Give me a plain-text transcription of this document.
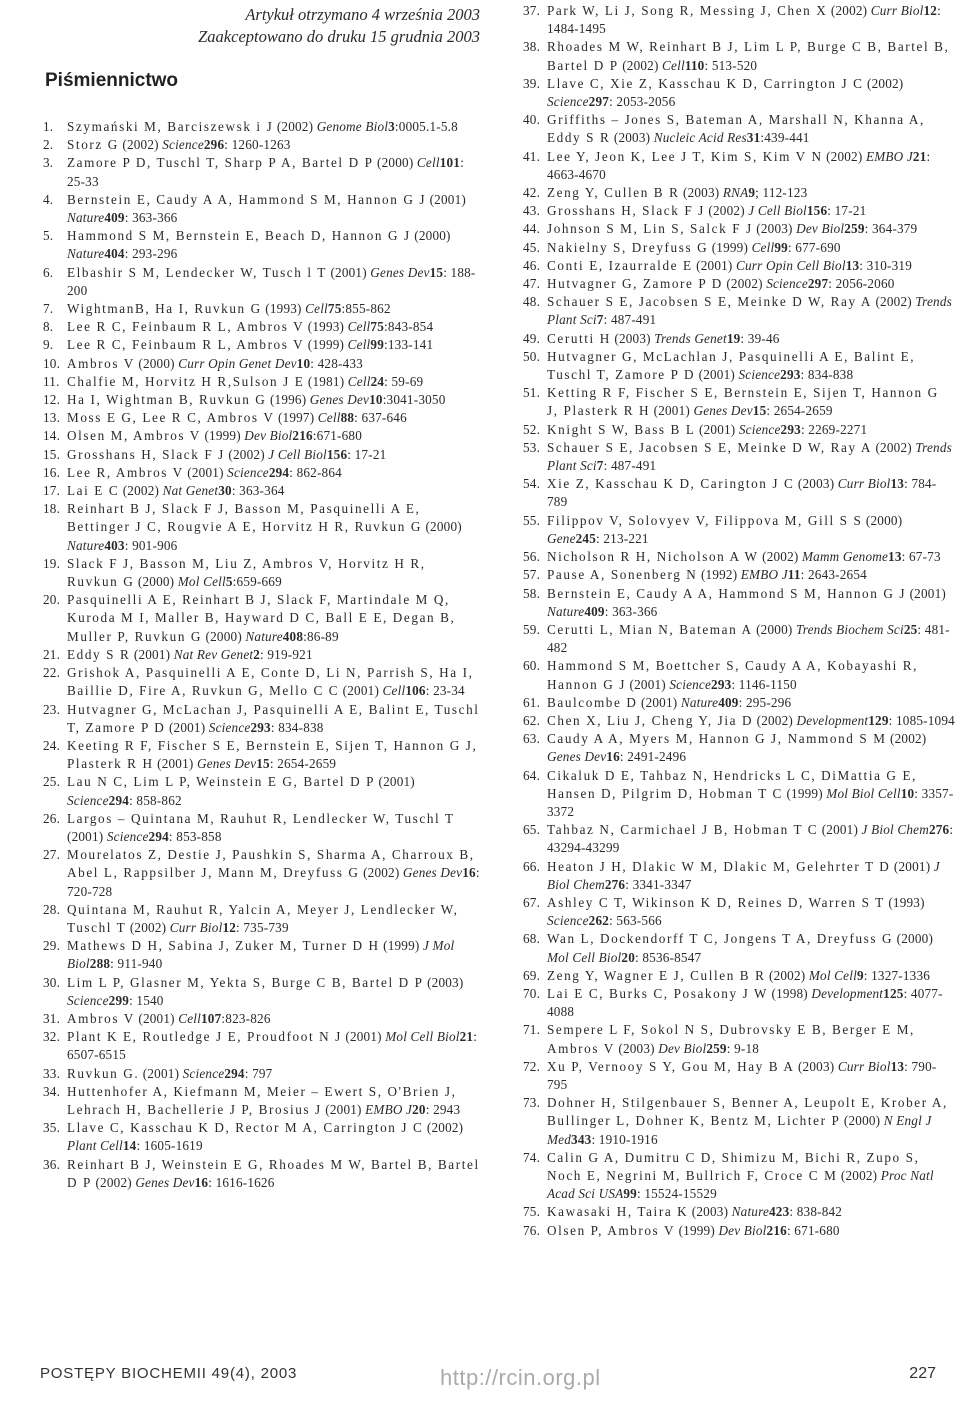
Artykuł otrzymano 4 września 2003
Zaakceptowano do druku 15 grudnia 2003
Piśmiennictwo
1. Szymański M, Barciszewsk i J (2002) Genome Biol3:0005.1-5.8
2. Storz G (2002) Science296: 1260-1263
3. Zamore P D, Tuschl T, Sharp P A, Bartel D P (2000) Cell101: 25-33
4. Bernstein E, Caudy A A, Hammond S M, Hannon G J (2001) Nature409: 363-366
5. Hammond S M, Bernstein E, Beach D, Hannon G J (2000) Nature404: 293-296
6. Elbashir S M, Lendecker W, Tusch l T (2001) Genes Dev15: 188-200
7. WightmanB, Ha I, Ruvkun G (1993) Cell75:855-862
8. Lee R C, Feinbaum R L, Ambros V (1993) Cell75:843-854
9. Lee R C, Feinbaum R L, Ambros V (1999) Cell99:133-141
10. Ambros V (2000) Curr Opin Genet Dev10: 428-433
11. Chalfie M, Horvitz H R,Sulson J E (1981) Cell24: 59-69
12. Ha I, Wightman B, Ruvkun G (1996) Genes Dev10:3041-3050
13. Moss E G, Lee R C, Ambros V (1997) Cell88: 637-646
14. Olsen M, Ambros V (1999) Dev Biol216:671-680
15. Grosshans H, Slack F J (2002) J Cell Biol156: 17-21
16. Lee R, Ambros V (2001) Science294: 862-864
17. Lai E C (2002) Nat Genet30: 363-364
18. Reinhart B J, Slack F J, Basson M, Pasquinelli A E, Bettinger J C, Rougvie A E, Horvitz H R, Ruvkun G (2000) Nature403: 901-906
19. Slack F J, Basson M, Liu Z, Ambros V, Horvitz H R, Ruvkun G (2000) Mol Cell5:659-669
20. Pasquinelli A E, Reinhart B J, Slack F, Martindale M Q, Kuroda M I, Maller B, Hayward D C, Ball E E, Degan B, Muller P, Ruvkun G (2000) Nature408:86-89
21. Eddy S R (2001) Nat Rev Genet2: 919-921
22. Grishok A, Pasquinelli A E, Conte D, Li N, Parrish S, Ha I, Baillie D, Fire A, Ruvkun G, Mello C C (2001) Cell106: 23-34
23. Hutvagner G, McLachan J, Pasquinelli A E, Balint E, Tuschl T, Zamore P D (2001) Science293: 834-838
24. Keeting R F, Fischer S E, Bernstein E, Sijen T, Hannon G J, Plasterk R H (2001) Genes Dev15: 2654-2659
25. Lau N C, Lim L P, Weinstein E G, Bartel D P (2001) Science294: 858-862
26. Largos – Quintana M, Rauhut R, Lendlecker W, Tuschl T (2001) Science294: 853-858
27. Mourelatos Z, Destie J, Paushkin S, Sharma A, Charroux B, Abel L, Rappsilber J, Mann M, Dreyfuss G (2002) Genes Dev16: 720-728
28. Quintana M, Rauhut R, Yalcin A, Meyer J, Lendlecker W, Tuschl T (2002) Curr Biol12: 735-739
29. Mathews D H, Sabina J, Zuker M, Turner D H (1999) J Mol Biol288: 911-940
30. Lim L P, Glasner M, Yekta S, Burge C B, Bartel D P (2003) Science299: 1540
31. Ambros V (2001) Cell107:823-826
32. Plant K E, Routledge J E, Proudfoot N J (2001) Mol Cell Biol21: 6507-6515
33. Ruvkun G. (2001) Science294: 797
34. Huttenhofer A, Kiefmann M, Meier – Ewert S, O'Brien J, Lehrach H, Bachellerie J P, Brosius J (2001) EMBO J20: 2943
35. Llave C, Kasschau K D, Rector M A, Carrington J C (2002) Plant Cell14: 1605-1619
36. Reinhart B J, Weinstein E G, Rhoades M W, Bartel B, Bartel D P (2002) Genes Dev16: 1616-1626
37. Park W, Li J, Song R, Messing J, Chen X (2002) Curr Biol12: 1484-1495
38. Rhoades M W, Reinhart B J, Lim L P, Burge C B, Bartel B, Bartel D P (2002) Cell110: 513-520
39. Llave C, Xie Z, Kasschau K D, Carrington J C (2002) Science297: 2053-2056
40. Griffiths – Jones S, Bateman A, Marshall N, Khanna A, Eddy S R (2003) Nucleic Acid Res31:439-441
41. Lee Y, Jeon K, Lee J T, Kim S, Kim V N (2002) EMBO J21: 4663-4670
42. Zeng Y, Cullen B R (2003) RNA9; 112-123
43. Grosshans H, Slack F J (2002) J Cell Biol156: 17-21
44. Johnson S M, Lin S, Salck F J (2003) Dev Biol259: 364-379
45. Nakielny S, Dreyfuss G (1999) Cell99: 677-690
46. Conti E, Izaurralde E (2001) Curr Opin Cell Biol13: 310-319
47. Hutvagner G, Zamore P D (2002) Science297: 2056-2060
48. Schauer S E, Jacobsen S E, Meinke D W, Ray A (2002) Trends Plant Sci7: 487-491
49. Cerutti H (2003) Trends Genet19: 39-46
50. Hutvagner G, McLachlan J, Pasquinelli A E, Balint E, Tuschl T, Zamore P D (2001) Science293: 834-838
51. Ketting R F, Fischer S E, Bernstein E, Sijen T, Hannon G J, Plasterk R H (2001) Genes Dev15: 2654-2659
52. Knight S W, Bass B L (2001) Science293: 2269-2271
53. Schauer S E, Jacobsen S E, Meinke D W, Ray A (2002) Trends Plant Sci7: 487-491
54. Xie Z, Kasschau K D, Carington J C (2003) Curr Biol13: 784-789
55. Filippov V, Solovyev V, Filippova M, Gill S S (2000) Gene245: 213-221
56. Nicholson R H, Nicholson A W (2002) Mamm Genome13: 67-73
57. Pause A, Sonenberg N (1992) EMBO J11: 2643-2654
58. Bernstein E, Caudy A A, Hammond S M, Hannon G J (2001) Nature409: 363-366
59. Cerutti L, Mian N, Bateman A (2000) Trends Biochem Sci25: 481-482
60. Hammond S M, Boettcher S, Caudy A A, Kobayashi R, Hannon G J (2001) Science293: 1146-1150
61. Baulcombe D (2001) Nature409: 295-296
62. Chen X, Liu J, Cheng Y, Jia D (2002) Development129: 1085-1094
63. Caudy A A, Myers M, Hannon G J, Nammond S M (2002) Genes Dev16: 2491-2496
64. Cikaluk D E, Tahbaz N, Hendricks L C, DiMattia G E, Hansen D, Pilgrim D, Hobman T C (1999) Mol Biol Cell10: 3357-3372
65. Tahbaz N, Carmichael J B, Hobman T C (2001) J Biol Chem276: 43294-43299
66. Heaton J H, Dlakic W M, Dlakic M, Gelehrter T D (2001) J Biol Chem276: 3341-3347
67. Ashley C T, Wikinson K D, Reines D, Warren S T (1993) Science262: 563-566
68. Wan L, Dockendorff T C, Jongens T A, Dreyfuss G (2000) Mol Cell Biol20: 8536-8547
69. Zeng Y, Wagner E J, Cullen B R (2002) Mol Cell9: 1327-1336
70. Lai E C, Burks C, Posakony J W (1998) Development125: 4077-4088
71. Sempere L F, Sokol N S, Dubrovsky E B, Berger E M, Ambros V (2003) Dev Biol259: 9-18
72. Xu P, Vernooy S Y, Gou M, Hay B A (2003) Curr Biol13: 790-795
73. Dohner H, Stilgenbauer S, Benner A, Leupolt E, Krober A, Bullinger L, Dohner K, Bentz M, Lichter P (2000) N Engl J Med343: 1910-1916
74. Calin G A, Dumitru C D, Shimizu M, Bichi R, Zupo S, Noch E, Negrini M, Bullrich F, Croce C M (2002) Proc Natl Acad Sci USA99: 15524-15529
75. Kawasaki H, Taira K (2003) Nature423: 838-842
76. Olsen P, Ambros V (1999) Dev Biol216: 671-680
POSTĘPY BIOCHEMII 49(4), 2003	http://rcin.org.pl	227
